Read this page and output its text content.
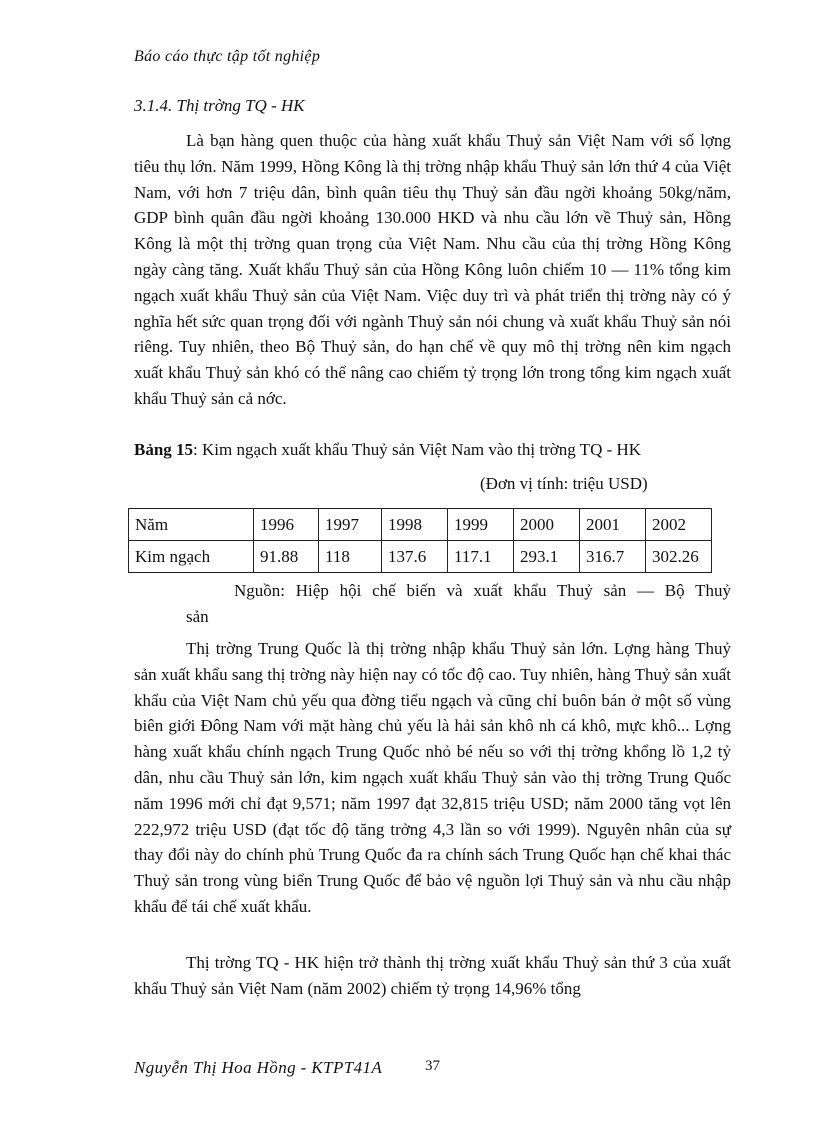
Báo cáo thực tập tốt nghiệp
3.1.4. Thị trờng TQ - HK

Là bạn hàng quen thuộc của hàng xuất khẩu Thuỷ sản Việt Nam với số lợng tiêu thụ lớn. Năm 1999, Hồng Kông là thị trờng nhập khẩu Thuỷ sản lớn thứ 4 của Việt Nam, với hơn 7 triệu dân, bình quân tiêu thụ Thuỷ sản đầu ngời khoảng 50kg/năm, GDP bình quân đầu ngời khoảng 130.000 HKD và nhu cầu lớn về Thuỷ sản, Hồng Kông là một thị trờng quan trọng của Việt Nam. Nhu cầu của thị trờng Hồng Kông ngày càng tăng. Xuất khẩu Thuỷ sản của Hồng Kông luôn chiếm 10 — 11% tổng kim ngạch xuất khẩu Thuỷ sản của Việt Nam. Việc duy trì và phát triển thị trờng này có ý nghĩa hết sức quan trọng đối với ngành Thuỷ sản nói chung và xuất khẩu Thuỷ sản nói riêng. Tuy nhiên, theo Bộ Thuỷ sản, do hạn chế về quy mô thị trờng nên kim ngạch xuất khẩu Thuỷ sản khó có thể nâng cao chiếm tỷ trọng lớn trong tổng kim ngạch xuất khẩu Thuỷ sản cả nớc.

Bảng 15: Kim ngạch xuất khẩu Thuỷ sản Việt Nam vào thị trờng TQ - HK
(Đơn vị tính: triệu USD)
Năm	1996	1997	1998	1999	2000	2001	2002
Kim ngạch	91.88	118	137.6	117.1	293.1	316.7	302.26
Nguồn: Hiệp hội chế biến và xuất khẩu Thuỷ sản — Bộ Thuỷ
sản

Thị trờng Trung Quốc là thị trờng nhập khẩu Thuỷ sản lớn. Lợng hàng Thuỷ sản xuất khẩu sang thị trờng này hiện nay có tốc độ cao. Tuy nhiên, hàng Thuỷ sản xuất khẩu của Việt Nam chủ yếu qua đờng tiểu ngạch và cũng chỉ buôn bán ở một số vùng biên giới Đông Nam với mặt hàng chủ yếu là hải sản khô nh cá khô, mực khô... Lợng hàng xuất khẩu chính ngạch Trung Quốc nhỏ bé nếu so với thị trờng khổng lồ 1,2 tỷ dân, nhu cầu Thuỷ sản lớn, kim ngạch xuất khẩu Thuỷ sản vào thị trờng Trung Quốc năm 1996 mới chỉ đạt 9,571; năm 1997 đạt 32,815 triệu USD; năm 2000 tăng vọt lên 222,972 triệu USD (đạt tốc độ tăng trởng 4,3 lần so với 1999). Nguyên nhân của sự thay đổi này do chính phủ Trung Quốc đa ra chính sách Trung Quốc hạn chế khai thác Thuỷ sản trong vùng biển Trung Quốc để bảo vệ nguồn lợi Thuỷ sản và nhu cầu nhập khẩu để tái chế xuất khẩu.

Thị trờng TQ - HK hiện trở thành thị trờng xuất khẩu Thuỷ sản thứ 3 của xuất khẩu Thuỷ sản Việt Nam (năm 2002) chiếm tỷ trọng 14,96% tổng

Nguyễn Thị Hoa Hồng - KTPT41A	37
